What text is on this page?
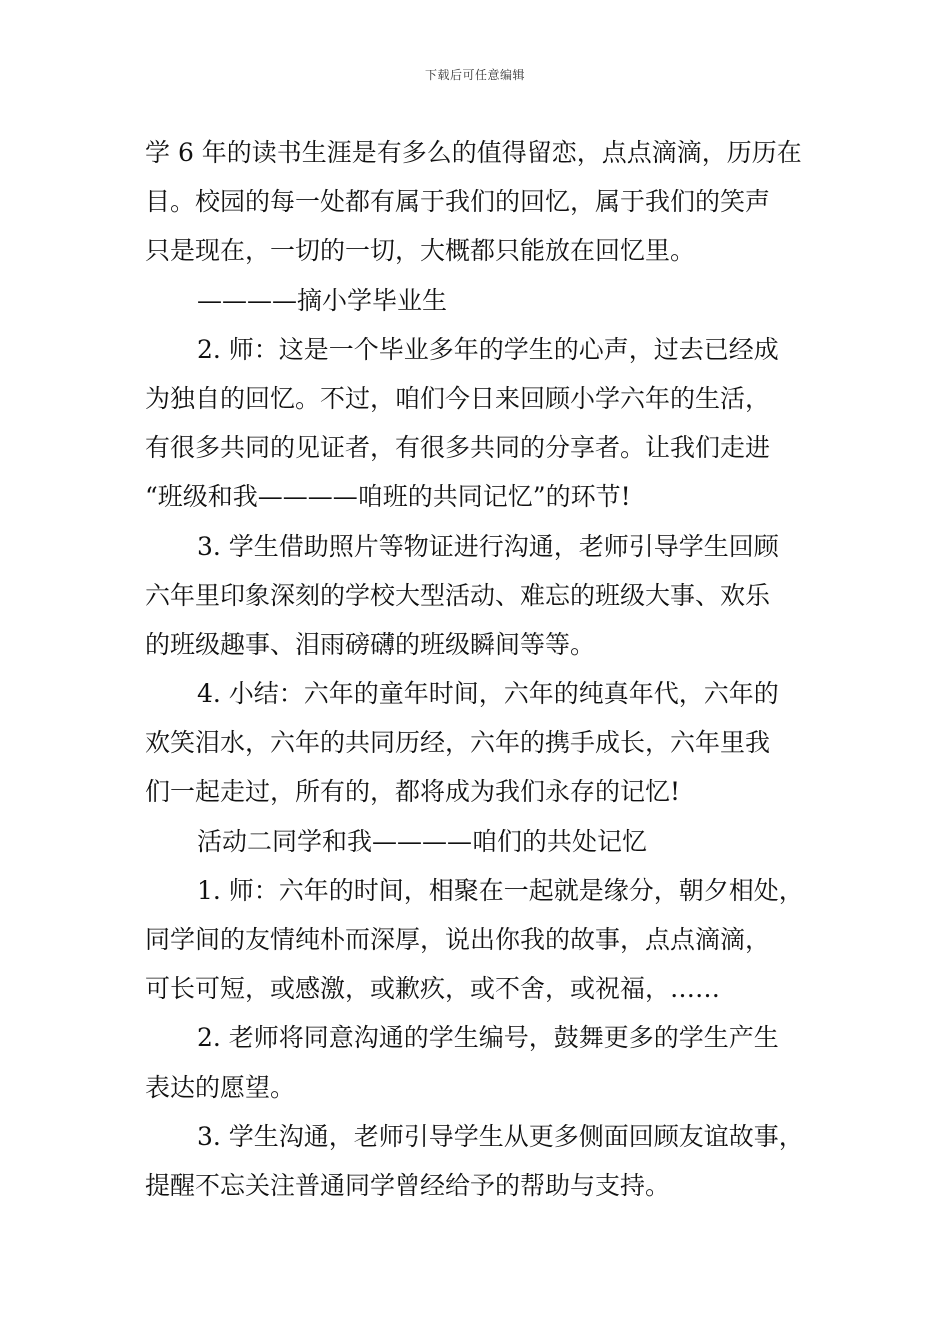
下载后可任意编辑
学 6 年的读书生涯是有多么的值得留恋，点点滴滴，历历在
目。校园的每一处都有属于我们的回忆，属于我们的笑声
只是现在，一切的一切，大概都只能放在回忆里。
————摘小学毕业生
2. 师：这是一个毕业多年的学生的心声，过去已经成
为独自的回忆。不过，咱们今日来回顾小学六年的生活，
有很多共同的见证者，有很多共同的分享者。让我们走进
“班级和我————咱班的共同记忆”的环节!
3. 学生借助照片等物证进行沟通，老师引导学生回顾
六年里印象深刻的学校大型活动、难忘的班级大事、欢乐
的班级趣事、泪雨磅礴的班级瞬间等等。
4. 小结：六年的童年时间，六年的纯真年代，六年的
欢笑泪水，六年的共同历经，六年的携手成长，六年里我
们一起走过，所有的，都将成为我们永存的记忆!
活动二同学和我————咱们的共处记忆
1. 师：六年的时间，相聚在一起就是缘分，朝夕相处，
同学间的友情纯朴而深厚，说出你我的故事，点点滴滴，
可长可短，或感激，或歉疚，或不舍，或祝福，……
2. 老师将同意沟通的学生编号，鼓舞更多的学生产生
表达的愿望。
3. 学生沟通，老师引导学生从更多侧面回顾友谊故事，
提醒不忘关注普通同学曾经给予的帮助与支持。
